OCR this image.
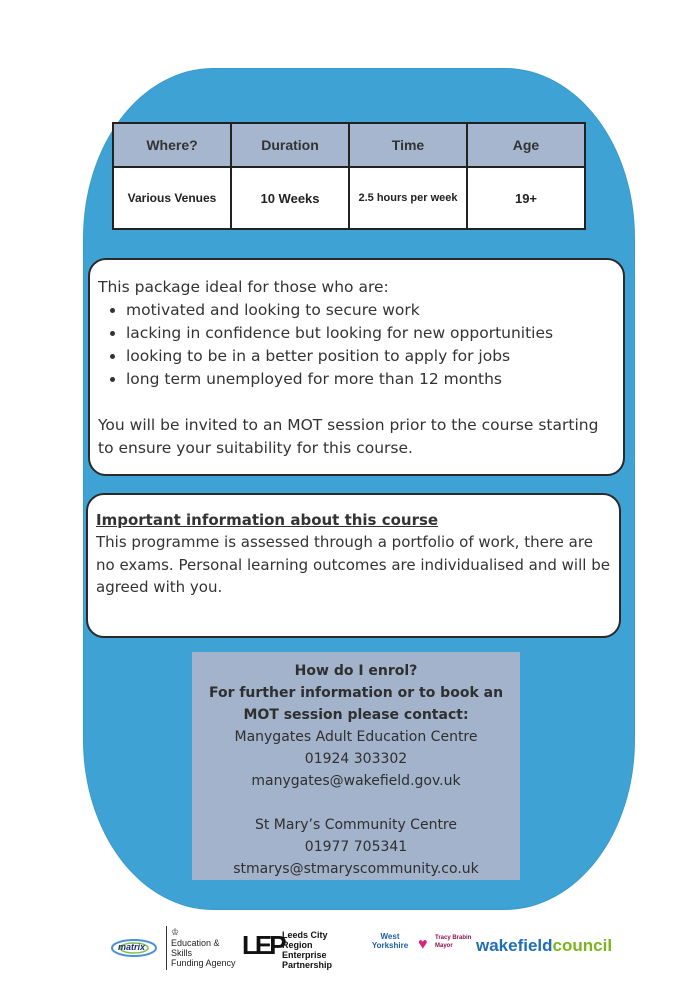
Where?	Duration	Time	Age
Various Venues	10 Weeks	2.5 hours per week	19+

This package ideal for those who are:

• motivated and looking to secure work
• lacking in confidence but looking for new opportunities
• looking to be in a better position to apply for jobs
• long term unemployed for more than 12 months

You will be invited to an MOT session prior to the course starting to ensure your suitability for this course.

Important information about this course

This programme is assessed through a portfolio of work, there are no exams. Personal learning outcomes are individualised and will be agreed with you.

How do I enrol?
For further information or to book an MOT session please contact:
Manygates Adult Education Centre
01924 303302
manygates@wakefield.gov.uk
St Mary’s Community Centre
01977 705341
stmarys@stmaryscommunity.co.uk
matrix
♔
Education & Skills
Funding Agency
LEP
Leeds City Region
Enterprise
Partnership
West
Yorkshire
♥ Tracy Brabin
Mayor	wakefieldcouncil
